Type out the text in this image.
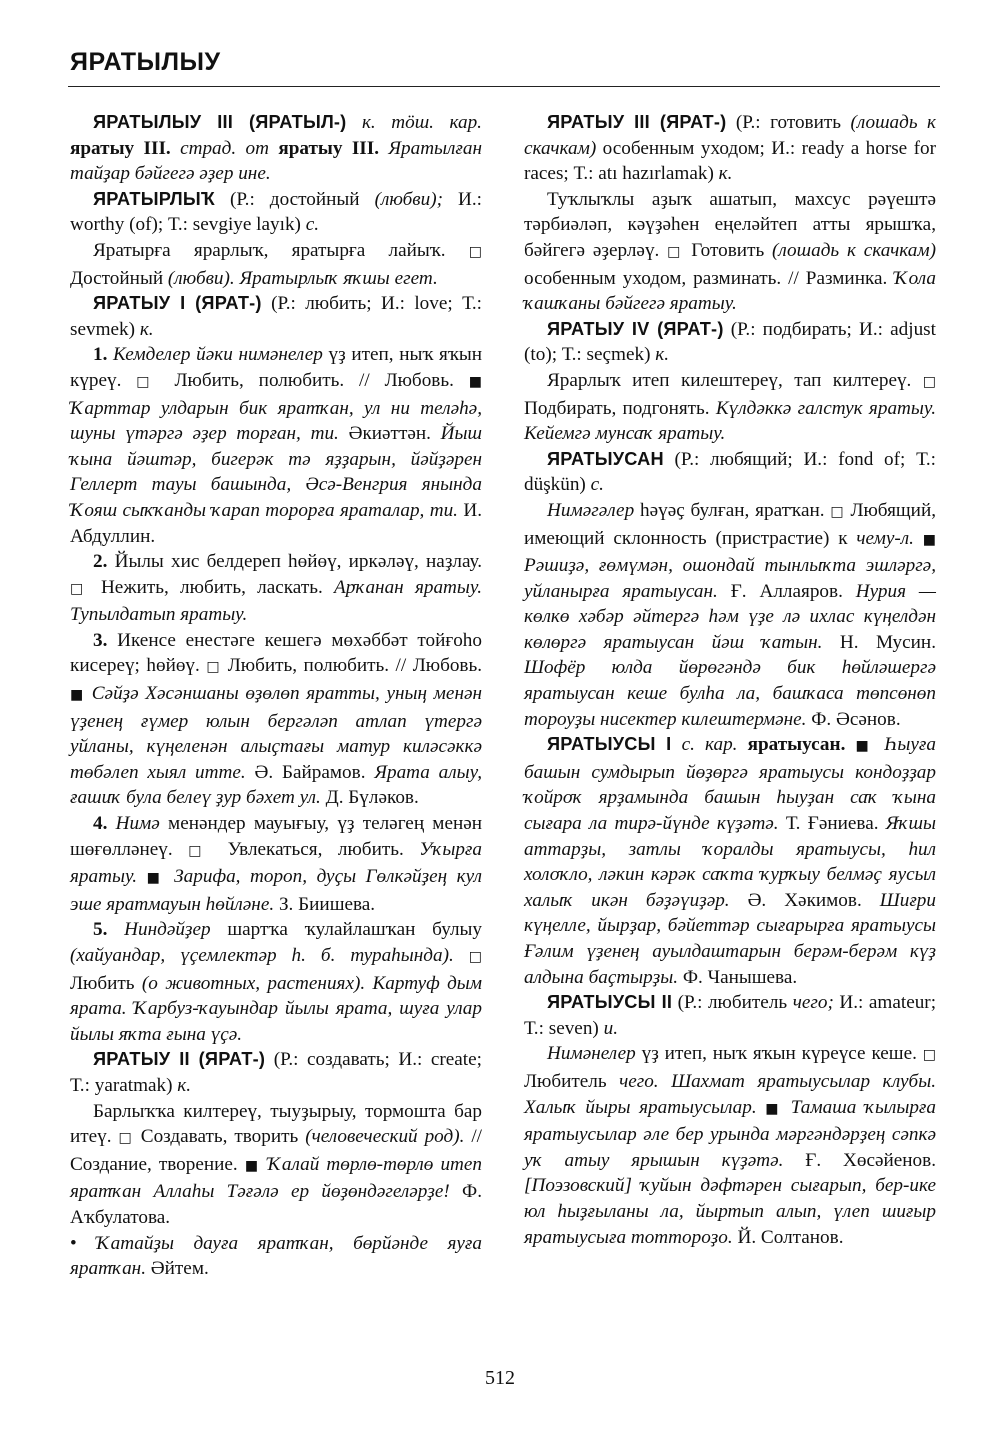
ЯРАТЫЛЫУ

ЯРАТЫЛЫУ III (ЯРАТЫЛ-) к. тӧш. кар. яратыу III. страд. от яратыу III. Яратылған тайҙар бәйгегә әҙер ине.

ЯРАТЫРЛЫҠ (Р.: достойный (любви); И.: worthy (of); Т.: sevgiye layık) с.

Яратырға ярарлыҡ, яратырға лайыҡ. □ Достойный (любви). Яратырлыҡ яҡшы егет.

ЯРАТЫУ I (ЯРАТ-) (Р.: любить; И.: love; Т.: sevmek) к.

1. Кемделер йәки нимәнелер үҙ итеп, ныҡ яҡын күреү. □ Любить, полюбить. // Любовь. ■ Ҡарттар улдарын бик яратҡан, ул ни теләһә, шуны үтәргә әҙер торған, ти. Әкиәттән. Йыш ҡына йәштәр, бигерәк тә яҙҙарын, йәйҙәрен Геллерт тауы башында, Әсә-Венгрия янында Ҡояш сыҡҡанды ҡарап торорға яраталар, ти. И. Абдуллин.

2. Йылы хис белдереп һөйөү, иркәләү, наҙлау. □ Нежить, любить, ласкать. Арҡанан яратыу. Тупылдатып яратыу.

3. Икенсе енестәге кешегә мөхәббәт тойғоһо кисереү; һөйөү. □ Любить, полюбить. // Любовь. ■ Сәйҙә Хәсәншаны өҙөлөп яратты, уның менән үҙенең ғүмер юлын бергәләп атлап үтергә уйланы, күңеленән алыҫтағы матур киләсәккә төбәлеп хыял итте. Ә. Байрамов. Ярата алыу, ғашиҡ була белеү ҙур бәхет ул. Д. Бүләков.

4. Нимә менәндер мауығыу, үҙ теләгең менән шөғөлләнеү. □ Увлекаться, любить. Уҡырға яратыу. ■ Зарифа, тороп, дуҫы Гөлкәйҙең кул эше яратмауын һөйләне. З. Биишева.

5. Ниндәйҙер шартҡа ҡулайлашҡан булыу (хайуандар, үҫемлектәр һ. б. тураһында). □ Любить (о животных, растениях). Картуф дым ярата. Ҡарбуз-ҡауындар йылы ярата, шуға улар йылы яҡта ғына үҫә.

ЯРАТЫУ II (ЯРАТ-) (Р.: создавать; И.: create; Т.: yaratmak) к.

Барлыҡҡа килтереү, тыуҙырыу, тормошта бар итеү. □ Создавать, творить (человеческий род). // Создание, творение. ■ Ҡалай төрлө-төрлө итеп яратҡан Аллаһы Тәғәлә ер йөҙөндәгеләрҙе! Ф. Аҡбулатова.
• Ҡатайҙы дауға яратҡан, бөрйәнде яуға яратҡан. Әйтем.

ЯРАТЫУ III (ЯРАТ-) (Р.: готовить (лошадь к скачкам) особенным уходом; И.: ready a horse for races; Т.: atı hazırlamak) к.

Туҡлыҡлы аҙыҡ ашатып, махсус рәүештә тәрбиәләп, кәүҙәһен еңеләйтеп атты ярышҡа, бәйгегә әҙерләү. □ Готовить (лошадь к скачкам) особенным уходом, разминать. // Разминка. Ҡола ҡашҡаны бәйгегә яратыу.

ЯРАТЫУ IV (ЯРАТ-) (Р.: подбирать; И.: adjust (to); Т.: seçmek) к.

Ярарлыҡ итеп килештереү, тап килтереү. □ Подбирать, подгонять. Күлдәккә галстук яратыу. Кейемгә мунсаҡ яратыу.

ЯРАТЫУСАН (Р.: любящий; И.: fond of; Т.: düşkün) с.

Нимәгәлер һәүәҫ булған, яратҡан. □ Любящий, имеющий склонность (пристрастие) к чему-л. ■ Рәшиҙә, ғөмүмән, ошондай тынлыҡта эшләргә, уйланырға яратыусан. Ғ. Аллаяров. Нурия — көлкө хәбәр әйтергә һәм үҙе лә ихлас күңелдән көлөргә яратыусан йәш ҡатын. Н. Мусин. Шофёр юлда йөрөгәндә бик һөйләшергә яратыусан кеше булһа ла, башҡаса төпсөнөп тороуҙы нисектер килештермәне. Ф. Әсәнов.

ЯРАТЫУСЫ I с. кар. яратыусан. ■ Һыуға башын сумдырып йөҙөргә яратыусы кондоҙҙар ҡойроҡ ярҙамында башын һыуҙан саҡ ҡына сығара ла тирә-йүнде күҙәтә. Т. Ғәниева. Яҡшы аттарҙы, затлы ҡоралды яратыусы, һил холоҡло, ләкин кәрәк саҡта ҡурҡыу белмәҫ яусыл халыҡ икән бәҙәүиҙәр. Ә. Хәкимов. Шиғри күңелле, йырҙар, бәйеттәр сығарырға яратыусы Ғәлим үҙенең ауылдаштарын берәм-берәм күҙ алдына баҫтырҙы. Ф. Чанышева.

ЯРАТЫУСЫ II (Р.: любитель чего; И.: amateur; Т.: seven) и.

Нимәнелер үҙ итеп, ныҡ яҡын күреүсе кеше. □ Любитель чего. Шахмат яратыусылар клубы. Халыҡ йыры яратыусылар. ■ Тамаша ҡылырға яратыусылар әле бер урында мәргәндәрҙең сәпкә уҡ атыу ярышын күҙәтә. Ғ. Хөсәйенов. [Поэзовский] ҡуйын дәфтәрен сығарып, бер-ике юл һыҙғыланы ла, йыртып алып, үлеп шиғыр яратыусыға тоттороҙо. Й. Солтанов.

512
